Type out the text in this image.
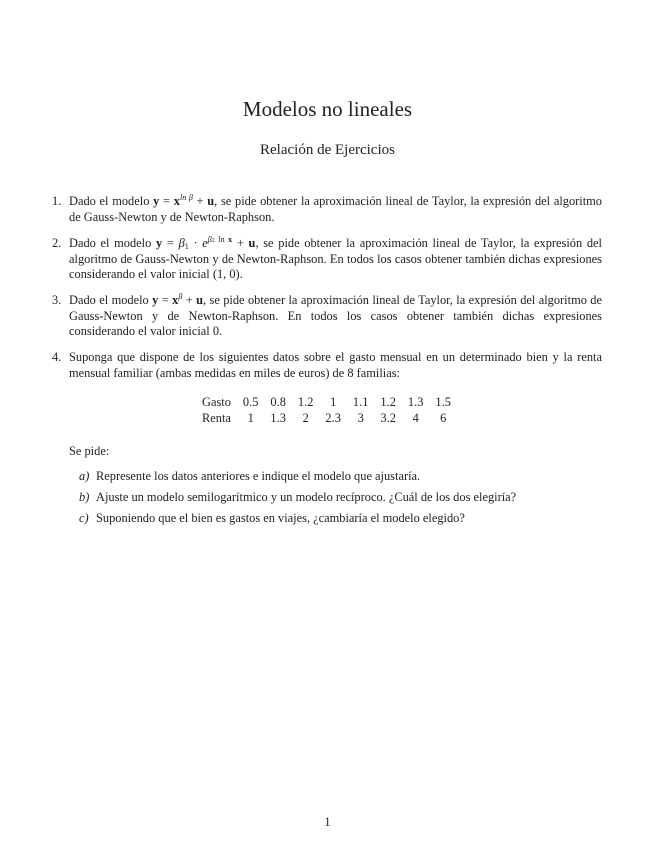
Modelos no lineales
Relación de Ejercicios
1. Dado el modelo $y = x^{ln \beta} + u$, se pide obtener la aproximación lineal de Taylor, la expresión del algoritmo de Gauss-Newton y de Newton-Raphson.
2. Dado el modelo $y = \beta_1 \cdot e^{\beta 2 ln x} + u$, se pide obtener la aproximación lineal de Taylor, la expresión del algoritmo de Gauss-Newton y de Newton-Raphson. En todos los casos obtener también dichas expresiones considerando el valor inicial (1, 0).
3. Dado el modelo $y = x^\beta + u$, se pide obtener la aproximación lineal de Taylor, la expresión del algoritmo de Gauss-Newton y de Newton-Raphson. En todos los casos obtener también dichas expresiones considerando el valor inicial 0.
4. Suponga que dispone de los siguientes datos sobre el gasto mensual en un determinado bien y la renta mensual familiar (ambas medidas en miles de euros) de 8 familias:
Gasto	0.5	0.8	1.2	1	1.1	1.2	1.3	1.5
Renta	1	1.3	2	2.3	3	3.2	4	6
Se pide:
a) Represente los datos anteriores e indique el modelo que ajustaría.
b) Ajuste un modelo semilogarítmico y un modelo recíproco. ¿Cuál de los dos elegiría?
c) Suponiendo que el bien es gastos en viajes, ¿cambiaría el modelo elegido?
1
